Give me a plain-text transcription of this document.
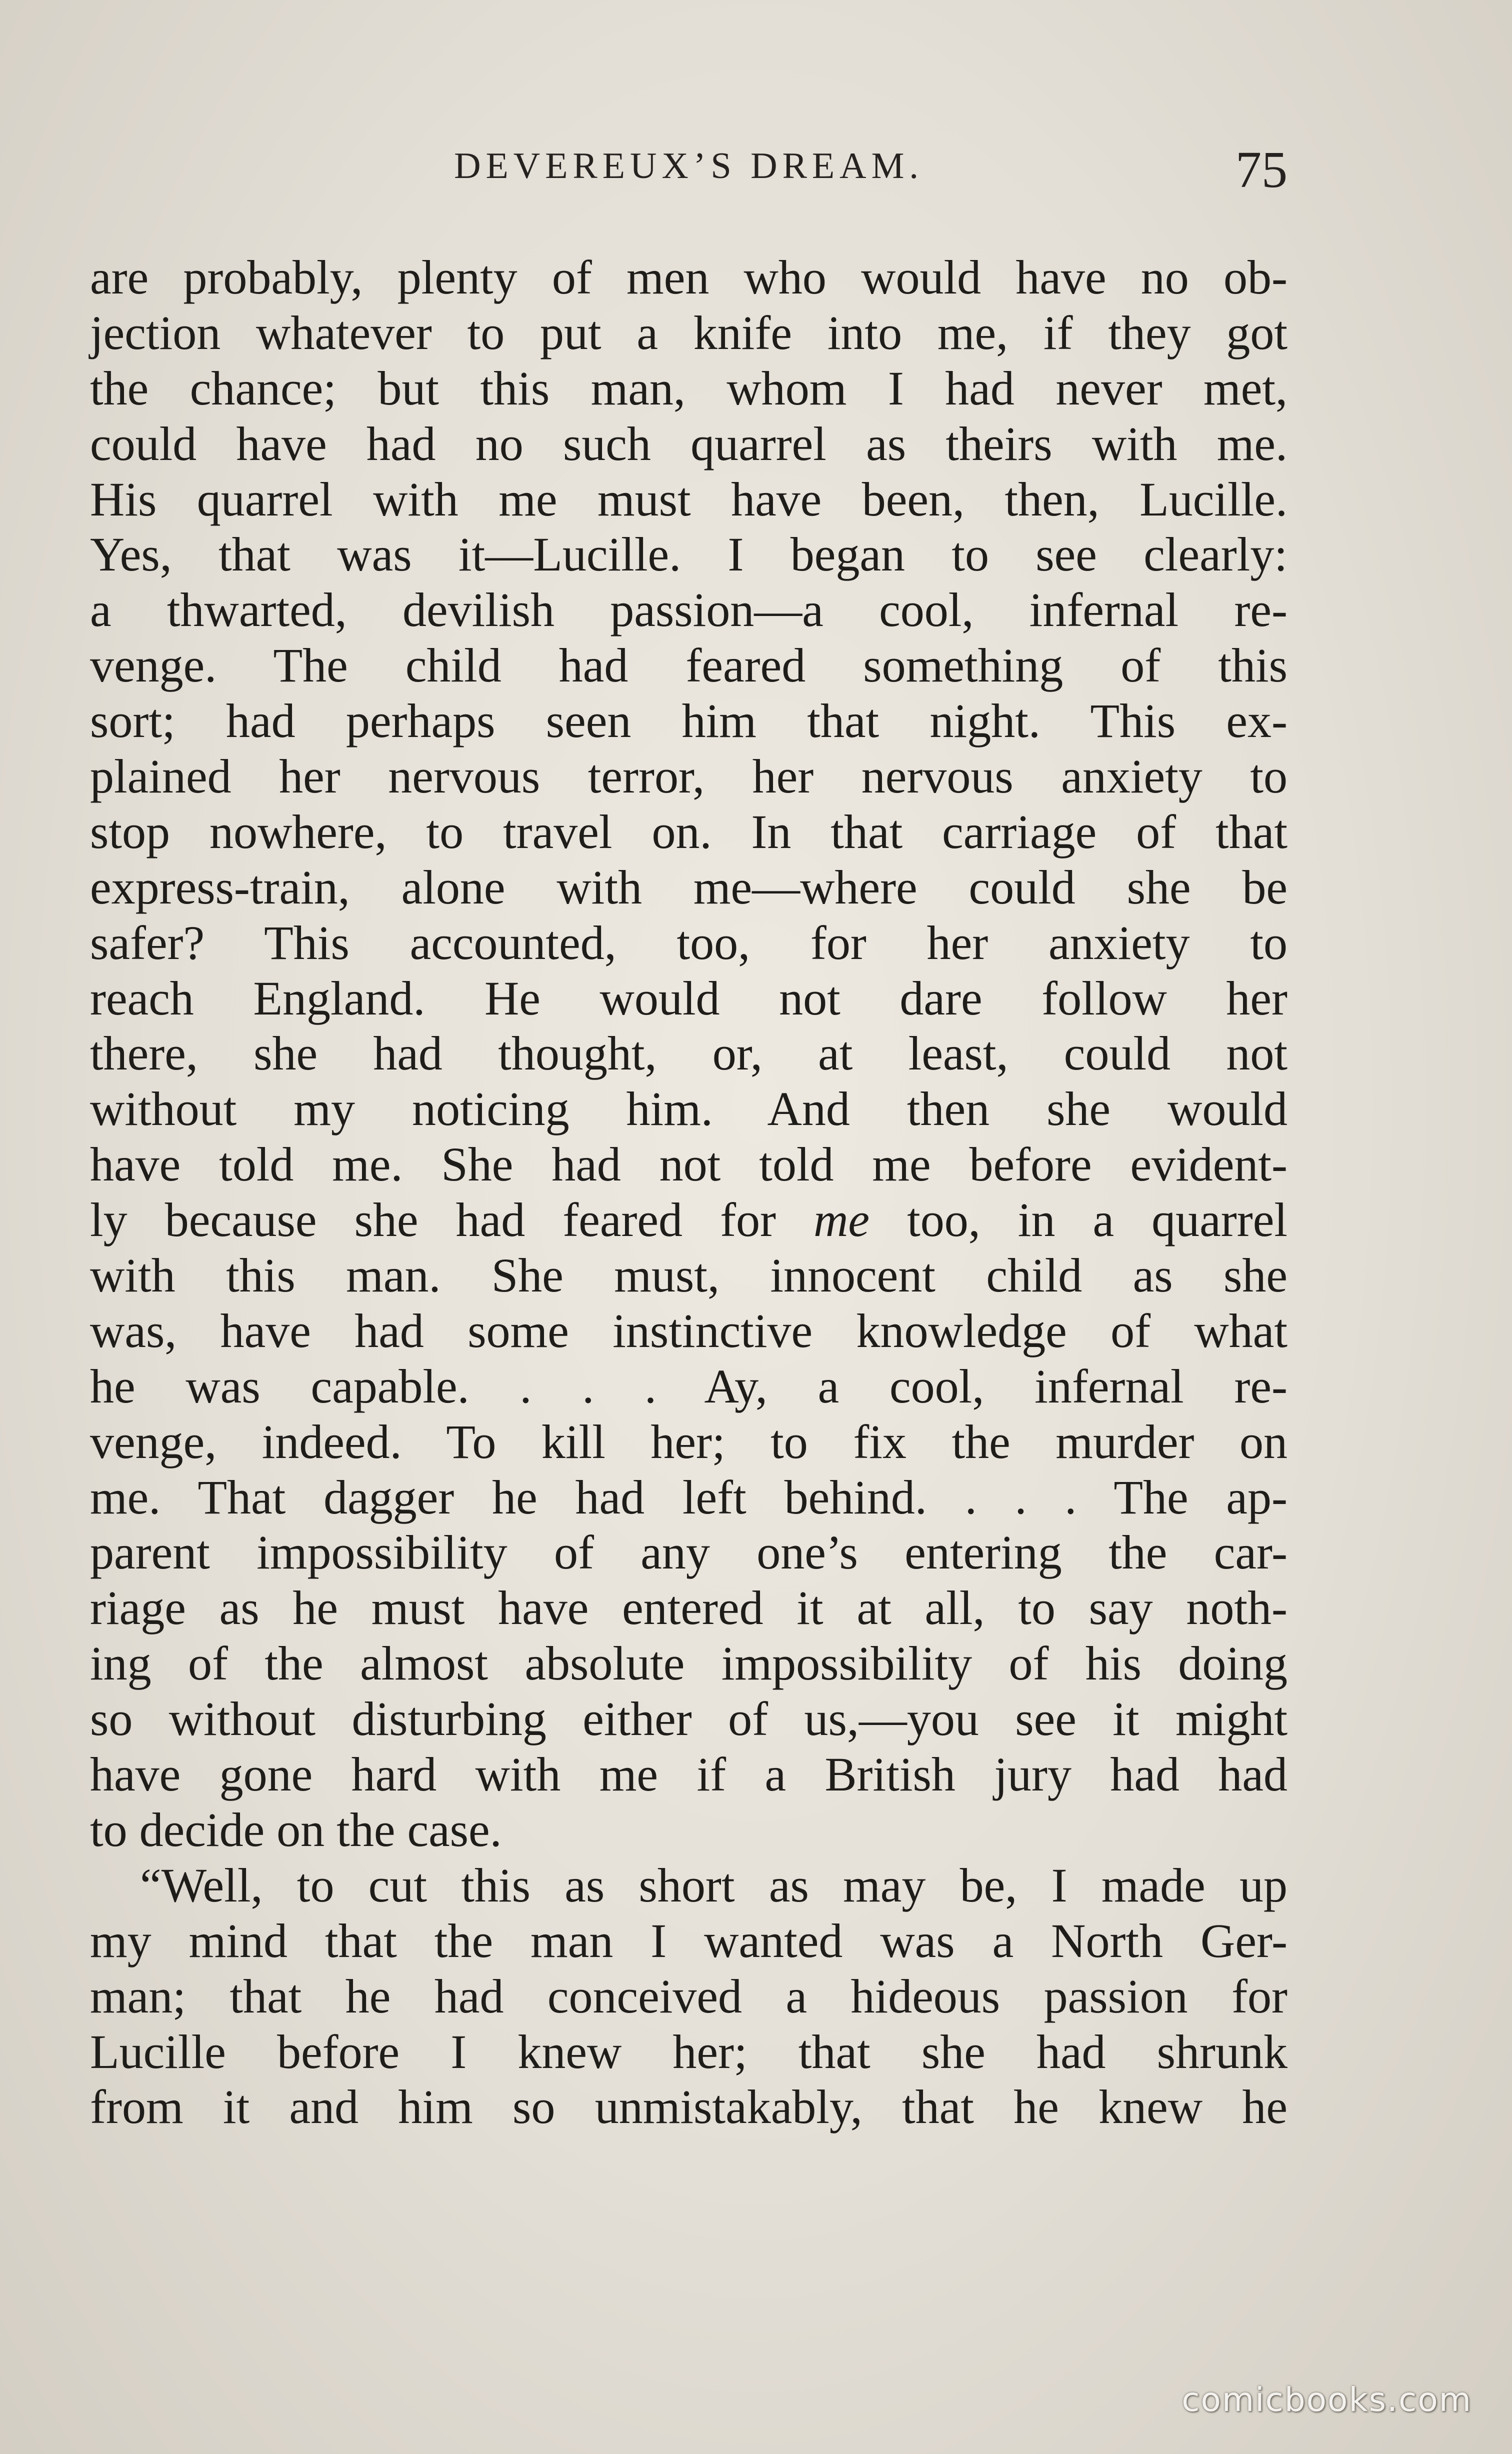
DEVEREUX’S DREAM.	75
are probably, plenty of men who would have no ob-
jection whatever to put a knife into me, if they got
the chance; but this man, whom I had never met,
could have had no such quarrel as theirs with me.
His quarrel with me must have been, then, Lucille.
Yes, that was it—Lucille. I began to see clearly:
a thwarted, devilish passion—a cool, infernal re-
venge. The child had feared something of this
sort; had perhaps seen him that night. This ex-
plained her nervous terror, her nervous anxiety to
stop nowhere, to travel on. In that carriage of that
express-train, alone with me—where could she be
safer? This accounted, too, for her anxiety to
reach England. He would not dare follow her
there, she had thought, or, at least, could not
without my noticing him. And then she would
have told me. She had not told me before evident-
ly because she had feared for me too, in a quarrel
with this man. She must, innocent child as she
was, have had some instinctive knowledge of what
he was capable. . . . Ay, a cool, infernal re-
venge, indeed. To kill her; to fix the murder on
me. That dagger he had left behind. . . . The ap-
parent impossibility of any one’s entering the car-
riage as he must have entered it at all, to say noth-
ing of the almost absolute impossibility of his doing
so without disturbing either of us,—you see it might
have gone hard with me if a British jury had had
to decide on the case.
“Well, to cut this as short as may be, I made up
my mind that the man I wanted was a North Ger-
man; that he had conceived a hideous passion for
Lucille before I knew her; that she had shrunk
from it and him so unmistakably, that he knew he
comicbooks.com
